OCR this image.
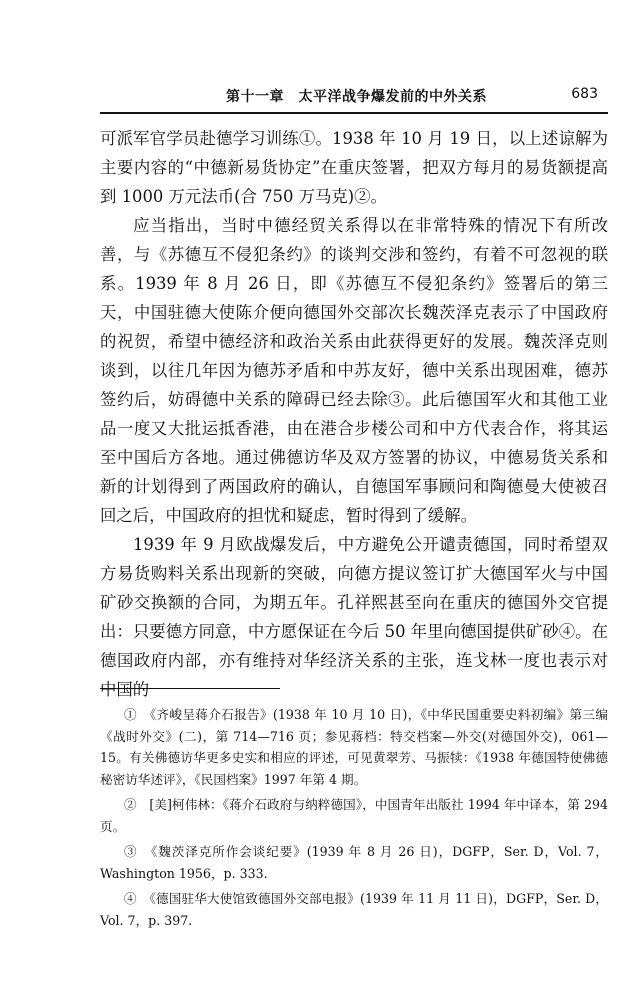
第十一章　太平洋战争爆发前的中外关系	683

可派军官学员赴德学习训练①。1938 年 10 月 19 日，以上述谅解为主要内容的“中德新易货协定”在重庆签署，把双方每月的易货额提高到 1000 万元法币(合 750 万马克)②。

应当指出，当时中德经贸关系得以在非常特殊的情况下有所改善，与《苏德互不侵犯条约》的谈判交涉和签约，有着不可忽视的联系。1939 年 8 月 26 日，即《苏德互不侵犯条约》签署后的第三天，中国驻德大使陈介便向德国外交部次长魏茨泽克表示了中国政府的祝贺，希望中德经济和政治关系由此获得更好的发展。魏茨泽克则谈到，以往几年因为德苏矛盾和中苏友好，德中关系出现困难，德苏签约后，妨碍德中关系的障碍已经去除③。此后德国军火和其他工业品一度又大批运抵香港，由在港合步楼公司和中方代表合作，将其运至中国后方各地。通过佛德访华及双方签署的协议，中德易货关系和新的计划得到了两国政府的确认，自德国军事顾问和陶德曼大使被召回之后，中国政府的担忧和疑虑，暂时得到了缓解。

1939 年 9 月欧战爆发后，中方避免公开谴责德国，同时希望双方易货购料关系出现新的突破，向德方提议签订扩大德国军火与中国矿砂交换额的合同，为期五年。孔祥熙甚至向在重庆的德国外交官提出：只要德方同意，中方愿保证在今后 50 年里向德国提供矿砂④。在德国政府内部，亦有维持对华经济关系的主张，连戈林一度也表示对中国的

①　《齐峻呈蒋介石报告》(1938 年 10 月 10 日)，《中华民国重要史料初编》第三编《战时外交》(二)，第 714—716 页；参见蒋档：特交档案—外交(对德国外交)，061—15。有关佛德访华更多史实和相应的评述，可见黄翠芳、马振犊：《1938 年德国特使佛德秘密访华述评》，《民国档案》1997 年第 4 期。

②　[美]柯伟林：《蒋介石政府与纳粹德国》，中国青年出版社 1994 年中译本，第 294 页。

③　《魏茨泽克所作会谈纪要》(1939 年 8 月 26 日)，DGFP，Ser. D，Vol. 7，Washington 1956，p. 333.

④　《德国驻华大使馆致德国外交部电报》(1939 年 11 月 11 日)，DGFP，Ser. D，Vol. 7，p. 397.
